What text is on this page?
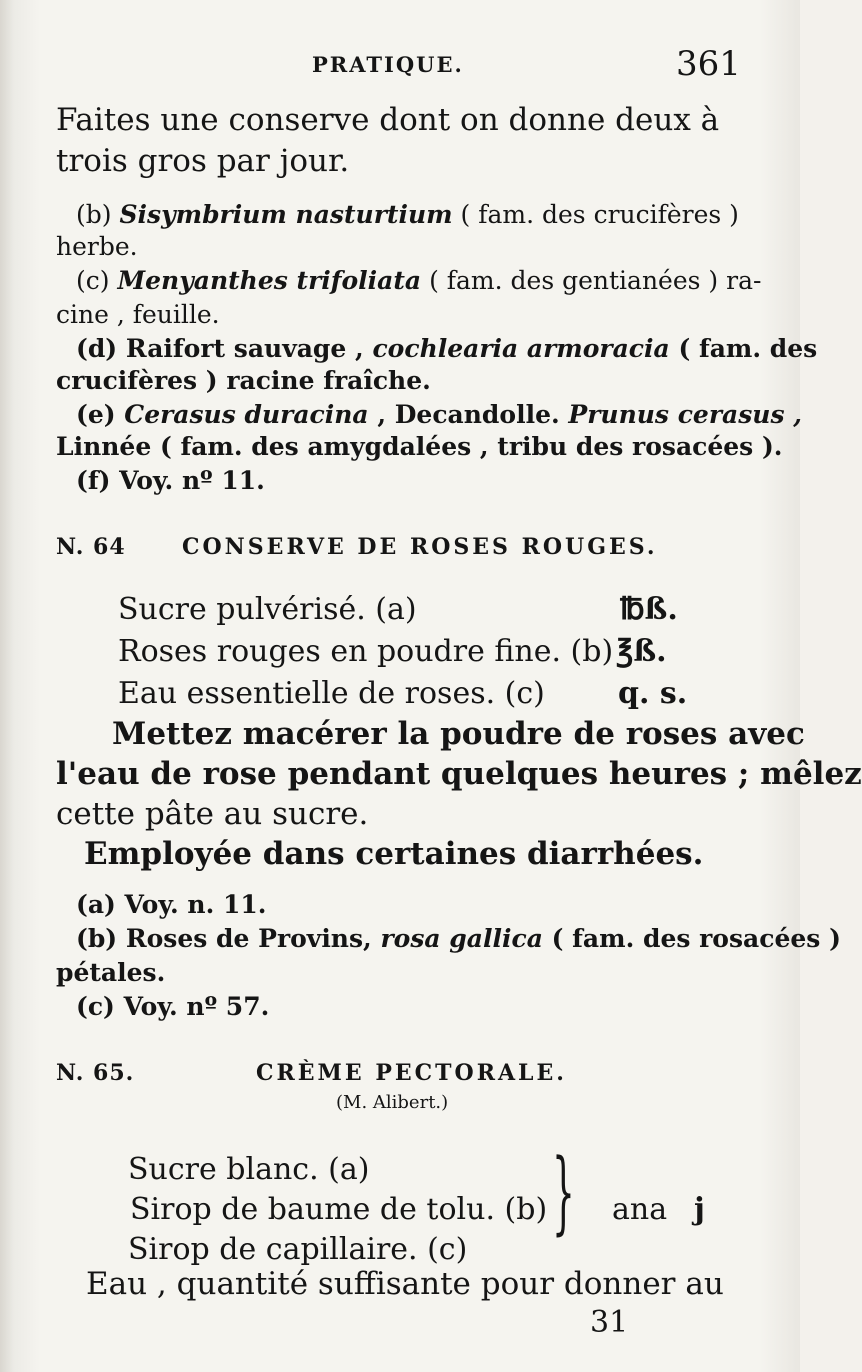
PRATIQUE.	361
Faites une conserve dont on donne deux à
trois gros par jour.
(b) Sisymbrium nasturtium ( fam. des crucifères )
herbe.
(c) Menyanthes trifoliata ( fam. des gentianées ) ra-
cine , feuille.
(d) Raifort sauvage , cochlearia armoracia ( fam. des
crucifères ) racine fraîche.
(e) Cerasus duracina , Decandolle. Prunus cerasus ,
Linnée ( fam. des amygdalées , tribu des rosacées ).
(f) Voy. nº 11.
N. 64	CONSERVE DE ROSES ROUGES.
Sucre pulvérisé. (a)	℔ß.
Roses rouges en poudre fine. (b) ℥ß.
Eau essentielle de roses. (c) q. s.
Mettez macérer la poudre de roses avec
l'eau de rose pendant quelques heures ; mêlez
cette pâte au sucre.
Employée dans certaines diarrhées.
(a) Voy. n. 11.
(b) Roses de Provins, rosa gallica ( fam. des rosacées )
pétales.
(c) Voy. nº 57.
N. 65.	CRÈME PECTORALE.
(M. Alibert.)
Sucre blanc. (a)
Sirop de baume de tolu. (b)
Sirop de capillaire. (c)
} ana j
Eau , quantité suffisante pour donner au
31
